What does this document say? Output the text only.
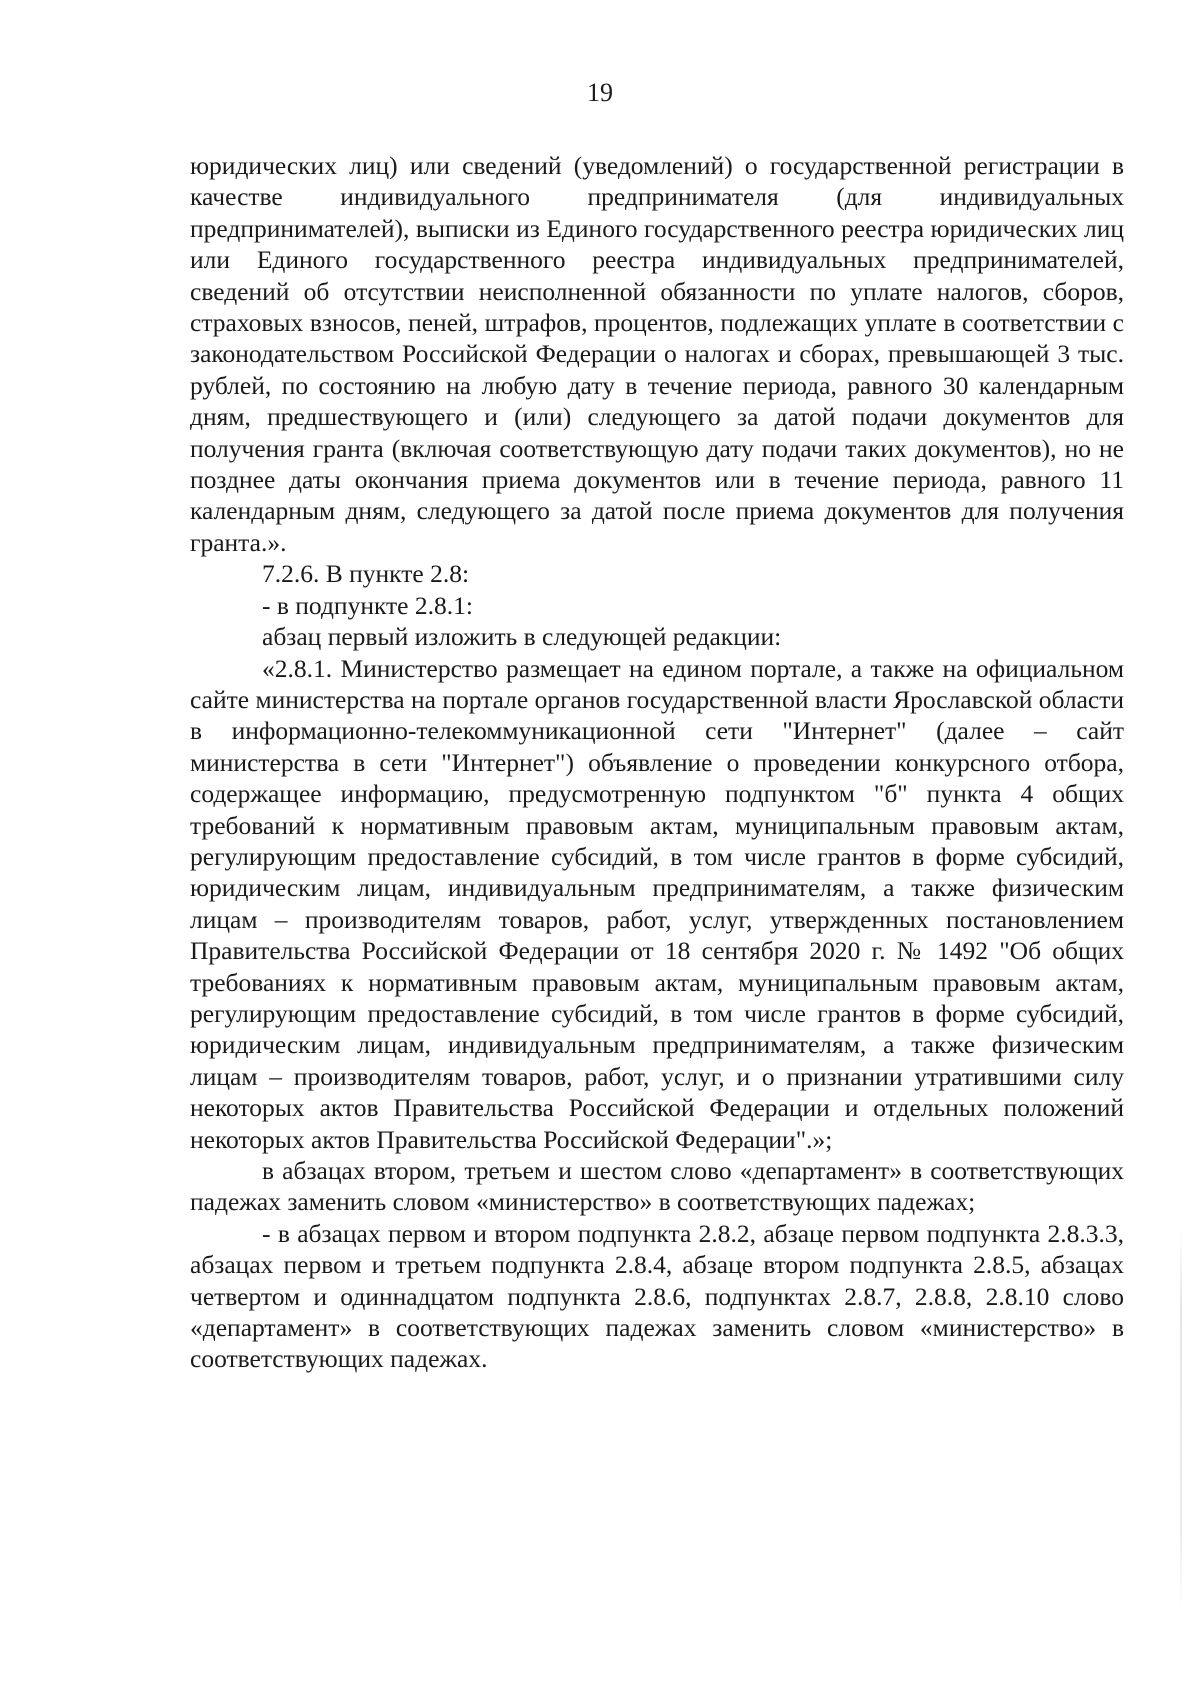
19

юридических лиц) или сведений (уведомлений) о государственной регистрации в качестве индивидуального предпринимателя (для индивидуальных предпринимателей), выписки из Единого государственного реестра юридических лиц или Единого государственного реестра индивидуальных предпринимателей, сведений об отсутствии неисполненной обязанности по уплате налогов, сборов, страховых взносов, пеней, штрафов, процентов, подлежащих уплате в соответствии с законодательством Российской Федерации о налогах и сборах, превышающей 3 тыс. рублей, по состоянию на любую дату в течение периода, равного 30 календарным дням, предшествующего и (или) следующего за датой подачи документов для получения гранта (включая соответствующую дату подачи таких документов), но не позднее даты окончания приема документов или в течение периода, равного 11 календарным дням, следующего за датой после приема документов для получения гранта.».

7.2.6. В пункте 2.8:

- в подпункте 2.8.1:

абзац первый изложить в следующей редакции:

«2.8.1. Министерство размещает на едином портале, а также на официальном сайте министерства на портале органов государственной власти Ярославской области в информационно-телекоммуникационной сети "Интернет" (далее – сайт министерства в сети "Интернет") объявление о проведении конкурсного отбора, содержащее информацию, предусмотренную подпунктом "б" пункта 4 общих требований к нормативным правовым актам, муниципальным правовым актам, регулирующим предоставление субсидий, в том числе грантов в форме субсидий, юридическим лицам, индивидуальным предпринимателям, а также физическим лицам – производителям товаров, работ, услуг, утвержденных постановлением Правительства Российской Федерации от 18 сентября 2020 г. № 1492 "Об общих требованиях к нормативным правовым актам, муниципальным правовым актам, регулирующим предоставление субсидий, в том числе грантов в форме субсидий, юридическим лицам, индивидуальным предпринимателям, а также физическим лицам – производителям товаров, работ, услуг, и о признании утратившими силу некоторых актов Правительства Российской Федерации и отдельных положений некоторых актов Правительства Российской Федерации".»;

в абзацах втором, третьем и шестом слово «департамент» в соответствующих падежах заменить словом «министерство» в соответствующих падежах;

- в абзацах первом и втором подпункта 2.8.2, абзаце первом подпункта 2.8.3.3, абзацах первом и третьем подпункта 2.8.4, абзаце втором подпункта 2.8.5, абзацах четвертом и одиннадцатом подпункта 2.8.6, подпунктах 2.8.7, 2.8.8, 2.8.10 слово «департамент» в соответствующих падежах заменить словом «министерство» в соответствующих падежах.
